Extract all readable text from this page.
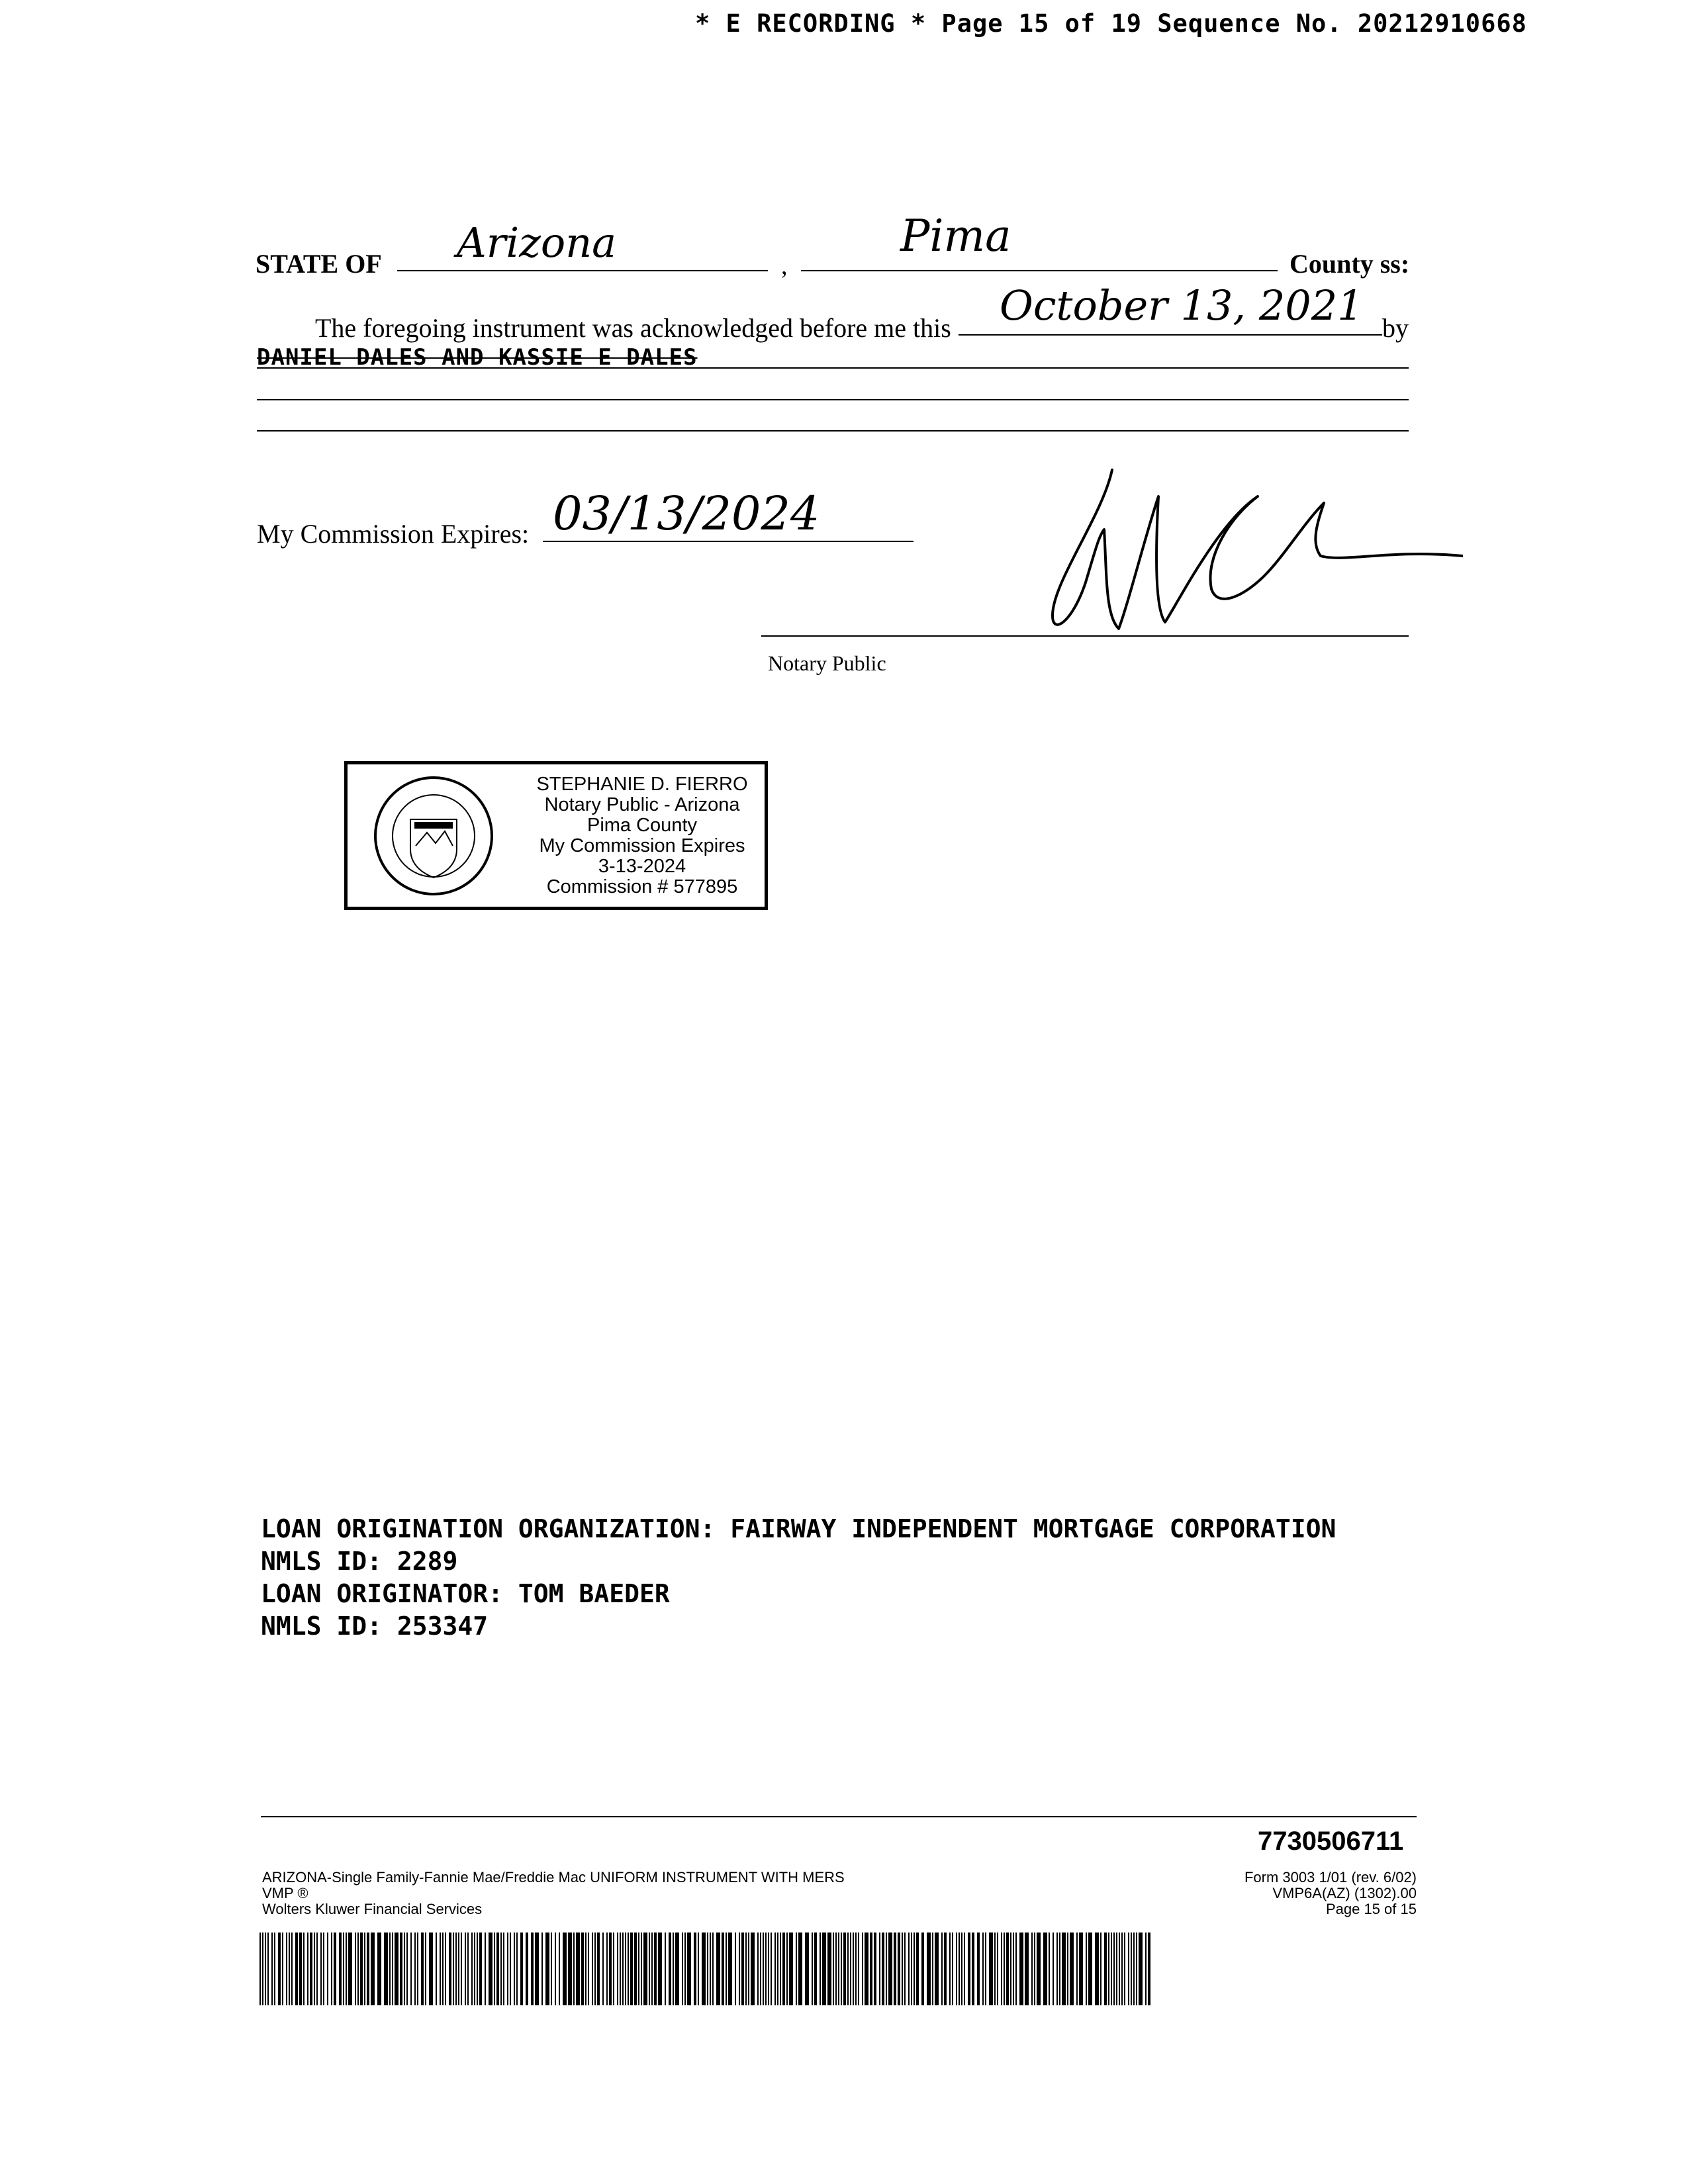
* E RECORDING * Page 15 of 19 Sequence No. 20212910668
STATE OF Arizona	,
Pima
County ss:
The foregoing instrument was acknowledged before me this October 13, 2021 by
DANIEL DALES AND KASSIE E DALES
My Commission Expires: 03/13/2024
Notary Public
STEPHANIE D. FIERRO
Notary Public - Arizona
Pima County
My Commission Expires
3-13-2024
Commission # 577895
LOAN ORIGINATION ORGANIZATION: FAIRWAY INDEPENDENT MORTGAGE CORPORATION
NMLS ID: 2289
LOAN ORIGINATOR: TOM BAEDER
NMLS ID: 253347
7730506711
ARIZONA-Single Family-Fannie Mae/Freddie Mac UNIFORM INSTRUMENT WITH MERS
VMP ®
Wolters Kluwer Financial Services
Form 3003 1/01 (rev. 6/02)
VMP6A(AZ) (1302).00
Page 15 of 15
